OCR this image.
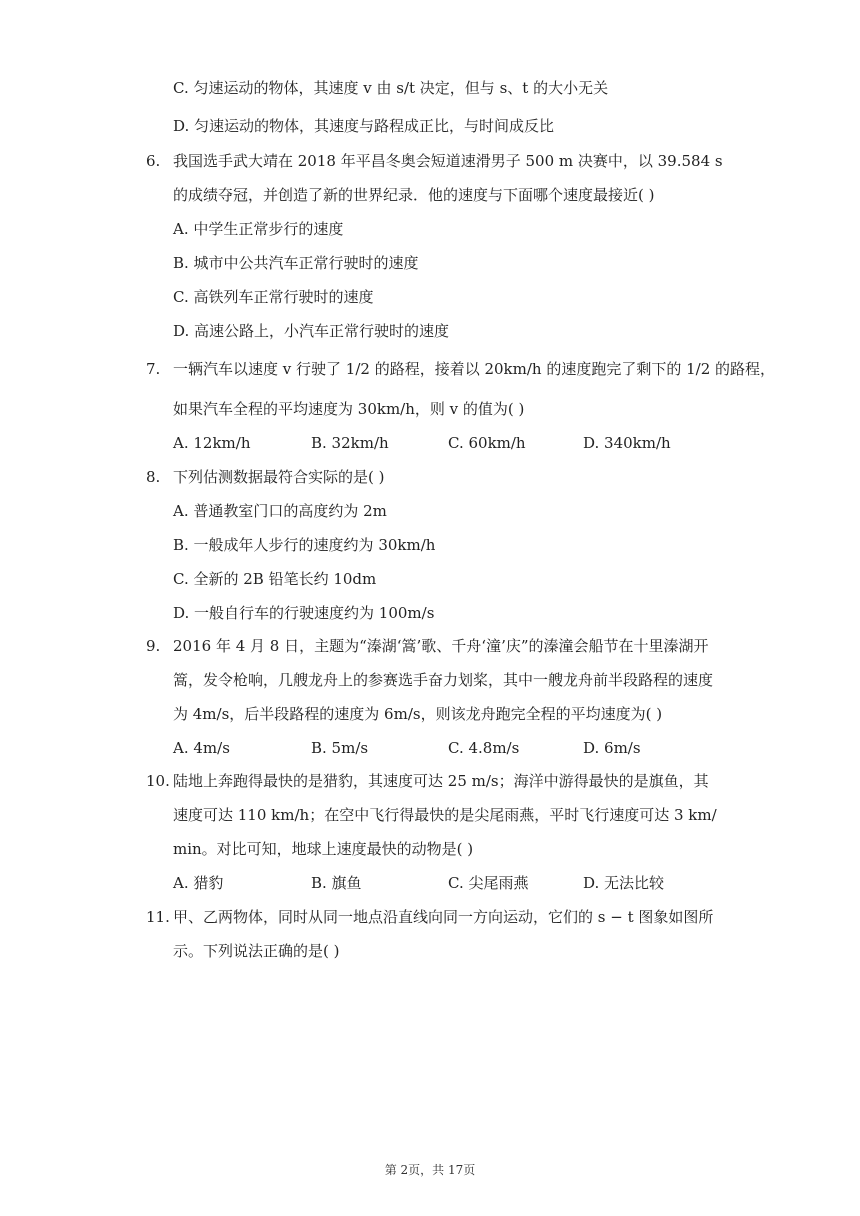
C. 匀速运动的物体，其速度 v 由 s/t 决定，但与 s、t 的大小无关
D. 匀速运动的物体，其速度与路程成正比，与时间成反比
6. 我国选手武大靖在 2018 年平昌冬奥会短道速滑男子 500 m 决赛中，以 39.584 s
的成绩夺冠，并创造了新的世界纪录．他的速度与下面哪个速度最接近( )
A. 中学生正常步行的速度
B. 城市中公共汽车正常行驶时的速度
C. 高铁列车正常行驶时的速度
D. 高速公路上，小汽车正常行驶时的速度
7. 一辆汽车以速度 v 行驶了 1/2 的路程，接着以 20km/h 的速度跑完了剩下的 1/2 的路程，
如果汽车全程的平均速度为 30km/h，则 v 的值为( )
A. 12km/h	B. 32km/h	C. 60km/h	D. 340km/h
8. 下列估测数据最符合实际的是( )
A. 普通教室门口的高度约为 2m
B. 一般成年人步行的速度约为 30km/h
C. 全新的 2B 铅笔长约 10dm
D. 一般自行车的行驶速度约为 100m/s
9. 2016 年 4 月 8 日，主题为“溱湖‘篙’歌、千舟‘潼’庆”的溱潼会船节在十里溱湖开
篙，发令枪响，几艘龙舟上的参赛选手奋力划桨，其中一艘龙舟前半段路程的速度
为 4m/s，后半段路程的速度为 6m/s，则该龙舟跑完全程的平均速度为( )
A. 4m/s	B. 5m/s	C. 4.8m/s	D. 6m/s
10. 陆地上奔跑得最快的是猎豹，其速度可达 25 m/s；海洋中游得最快的是旗鱼，其
速度可达 110 km/h；在空中飞行得最快的是尖尾雨燕，平时飞行速度可达 3 km/
min。对比可知，地球上速度最快的动物是( )
A. 猎豹	B. 旗鱼	C. 尖尾雨燕	D. 无法比较
11. 甲、乙两物体，同时从同一地点沿直线向同一方向运动，它们的 s − t 图象如图所
示。下列说法正确的是( )
第 2页，共 17页
